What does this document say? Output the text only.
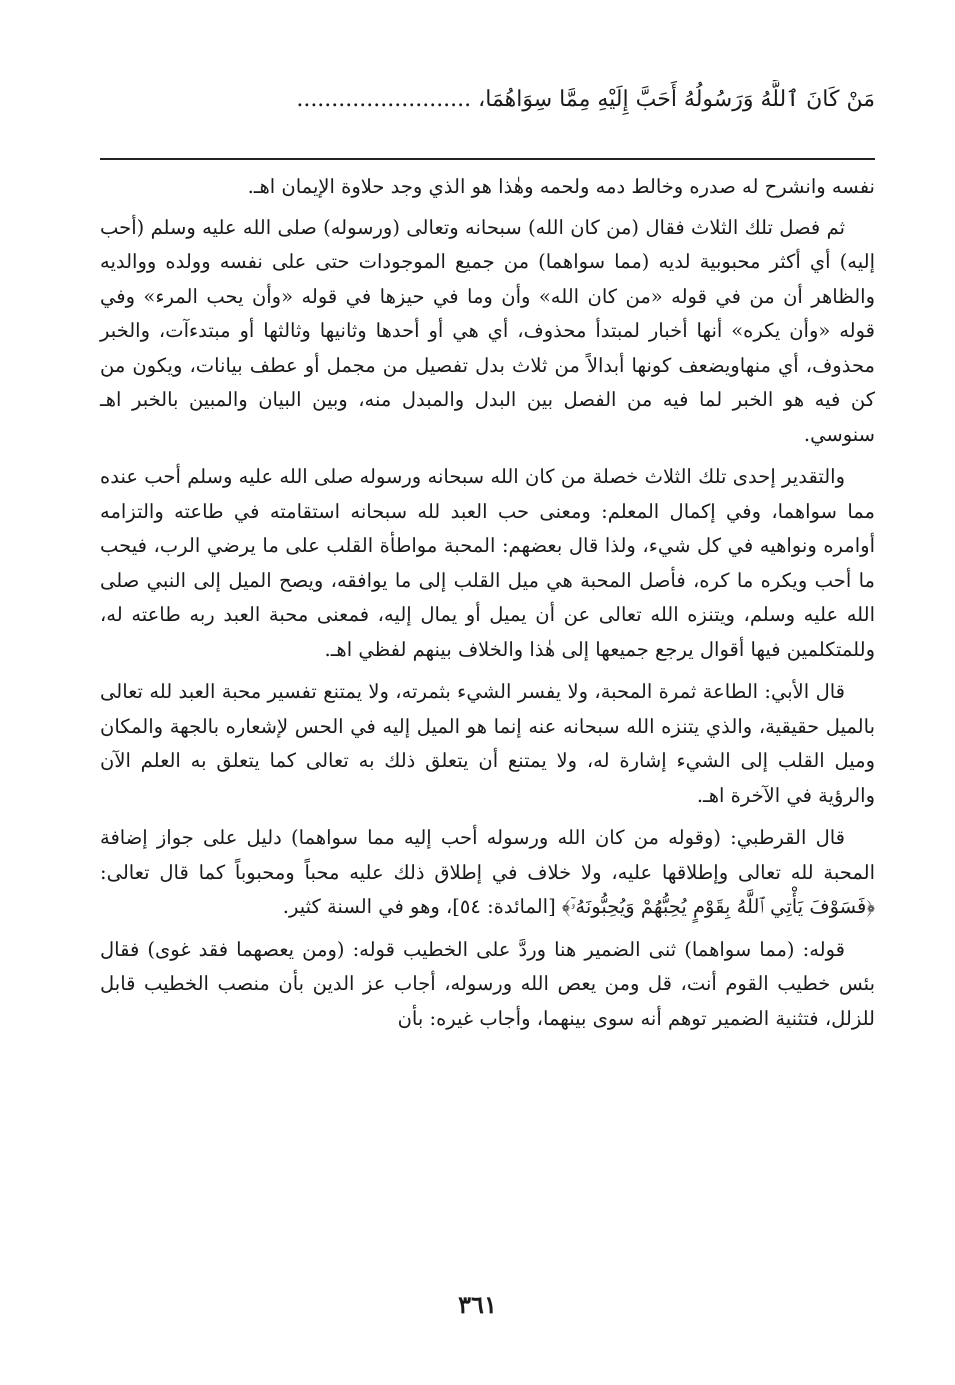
مَنْ كَانَ ٱللَّهُ وَرَسُولُهُ أَحَبَّ إِلَيْهِ مِمَّا سِوَاهُمَا، .........................

نفسه وانشرح له صدره وخالط دمه ولحمه وهٰذا هو الذي وجد حلاوة الإيمان اهـ.

ثم فصل تلك الثلاث فقال (من كان الله) سبحانه وتعالى (ورسوله) صلى الله عليه وسلم (أحب إليه) أي أكثر محبوبية لديه (مما سواهما) من جميع الموجودات حتى على نفسه وولده ووالديه والظاهر أن من في قوله «من كان الله» وأن وما في حيزها في قوله «وأن يحب المرء» وفي قوله «وأن يكره» أنها أخبار لمبتدأ محذوف، أي هي أو أحدها وثانيها وثالثها أو مبتدءآت، والخبر محذوف، أي منهاويضعف كونها أبدالاً من ثلاث بدل تفصيل من مجمل أو عطف بيانات، ويكون من كن فيه هو الخبر لما فيه من الفصل بين البدل والمبدل منه، وبين البيان والمبين بالخبر اهـ سنوسي.

والتقدير إحدى تلك الثلاث خصلة من كان الله سبحانه ورسوله صلى الله عليه وسلم أحب عنده مما سواهما، وفي إكمال المعلم: ومعنى حب العبد لله سبحانه استقامته في طاعته والتزامه أوامره ونواهيه في كل شيء، ولذا قال بعضهم: المحبة مواطأة القلب على ما يرضي الرب، فيحب ما أحب ويكره ما كره، فأصل المحبة هي ميل القلب إلى ما يوافقه، ويصح الميل إلى النبي صلى الله عليه وسلم، ويتنزه الله تعالى عن أن يميل أو يمال إليه، فمعنى محبة العبد ربه طاعته له، وللمتكلمين فيها أقوال يرجع جميعها إلى هٰذا والخلاف بينهم لفظي اهـ.

قال الأبي: الطاعة ثمرة المحبة، ولا يفسر الشيء بثمرته، ولا يمتنع تفسير محبة العبد لله تعالى بالميل حقيقية، والذي يتنزه الله سبحانه عنه إنما هو الميل إليه في الحس لإشعاره بالجهة والمكان وميل القلب إلى الشيء إشارة له، ولا يمتنع أن يتعلق ذلك به تعالى كما يتعلق به العلم الآن والرؤية في الآخرة اهـ.

قال القرطبي: (وقوله من كان الله ورسوله أحب إليه مما سواهما) دليل على جواز إضافة المحبة لله تعالى وإطلاقها عليه، ولا خلاف في إطلاق ذلك عليه محباً ومحبوباً كما قال تعالى: ﴿فَسَوْفَ يَأْتِي ٱللَّهُ بِقَوْمٍ يُحِبُّهُمْ وَيُحِبُّونَهُۥٓ﴾ [المائدة: ٥٤]، وهو في السنة كثير.

قوله: (مما سواهما) ثنى الضمير هنا وردَّ على الخطيب قوله: (ومن يعصهما فقد غوى) فقال بئس خطيب القوم أنت، قل ومن يعص الله ورسوله، أجاب عز الدين بأن منصب الخطيب قابل للزلل، فتثنية الضمير توهم أنه سوى بينهما، وأجاب غيره: بأن

٣٦١
